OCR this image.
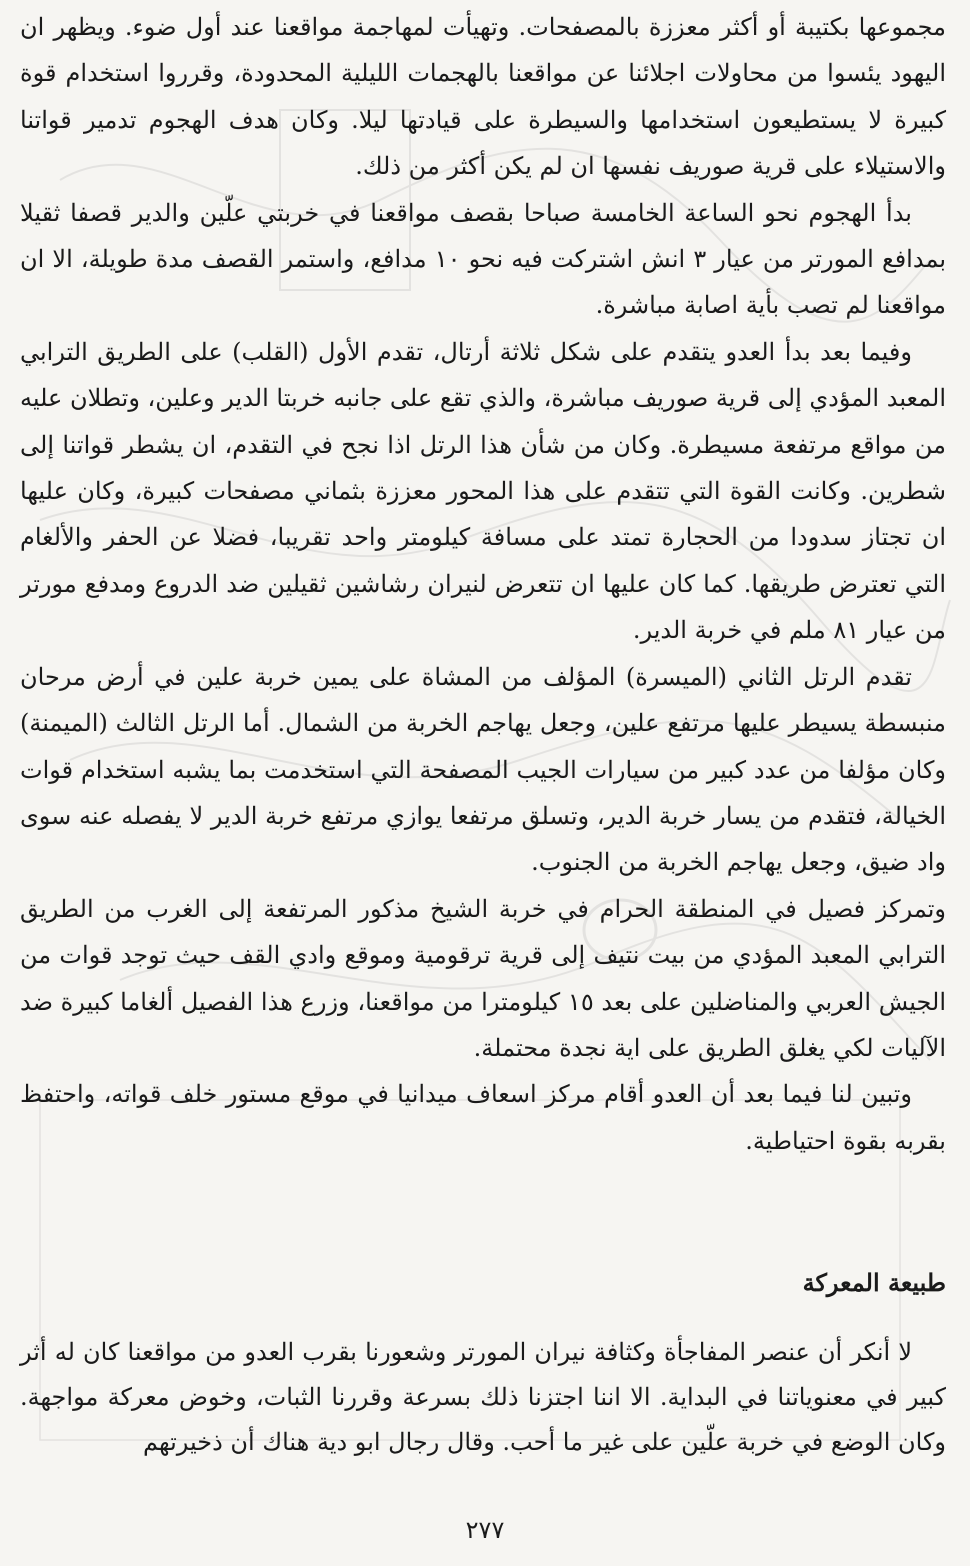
مجموعها بكتيبة أو أكثر معززة بالمصفحات. وتهيأت لمهاجمة مواقعنا عند أول ضوء. ويظهر ان اليهود يئسوا من محاولات اجلائنا عن مواقعنا بالهجمات الليلية المحدودة، وقرروا استخدام قوة كبيرة لا يستطيعون استخدامها والسيطرة على قيادتها ليلا. وكان هدف الهجوم تدمير قواتنا والاستيلاء على قرية صوريف نفسها ان لم يكن أكثر من ذلك.

بدأ الهجوم نحو الساعة الخامسة صباحا بقصف مواقعنا في خربتي علّين والدير قصفا ثقيلا بمدافع المورتر من عيار ٣ انش اشتركت فيه نحو ١٠ مدافع، واستمر القصف مدة طويلة، الا ان مواقعنا لم تصب بأية اصابة مباشرة.

وفيما بعد بدأ العدو يتقدم على شكل ثلاثة أرتال، تقدم الأول (القلب) على الطريق الترابي المعبد المؤدي إلى قرية صوريف مباشرة، والذي تقع على جانبه خربتا الدير وعلين، وتطلان عليه من مواقع مرتفعة مسيطرة. وكان من شأن هذا الرتل اذا نجح في التقدم، ان يشطر قواتنا إلى شطرين. وكانت القوة التي تتقدم على هذا المحور معززة بثماني مصفحات كبيرة، وكان عليها ان تجتاز سدودا من الحجارة تمتد على مسافة كيلومتر واحد تقريبا، فضلا عن الحفر والألغام التي تعترض طريقها. كما كان عليها ان تتعرض لنيران رشاشين ثقيلين ضد الدروع ومدفع مورتر من عيار ٨١ ملم في خربة الدير.

تقدم الرتل الثاني (الميسرة) المؤلف من المشاة على يمين خربة علين في أرض مرحان منبسطة يسيطر عليها مرتفع علين، وجعل يهاجم الخربة من الشمال. أما الرتل الثالث (الميمنة) وكان مؤلفا من عدد كبير من سيارات الجيب المصفحة التي استخدمت بما يشبه استخدام قوات الخيالة، فتقدم من يسار خربة الدير، وتسلق مرتفعا يوازي مرتفع خربة الدير لا يفصله عنه سوى واد ضيق، وجعل يهاجم الخربة من الجنوب.

وتمركز فصيل في المنطقة الحرام في خربة الشيخ مذكور المرتفعة إلى الغرب من الطريق الترابي المعبد المؤدي من بيت نتيف إلى قرية ترقومية وموقع وادي القف حيث توجد قوات من الجيش العربي والمناضلين على بعد ١٥ كيلومترا من مواقعنا، وزرع هذا الفصيل ألغاما كبيرة ضد الآليات لكي يغلق الطريق على اية نجدة محتملة.

وتبين لنا فيما بعد أن العدو أقام مركز اسعاف ميدانيا في موقع مستور خلف قواته، واحتفظ بقربه بقوة احتياطية.

طبيعة المعركة

لا أنكر أن عنصر المفاجأة وكثافة نيران المورتر وشعورنا بقرب العدو من مواقعنا كان له أثر كبير في معنوياتنا في البداية. الا اننا اجتزنا ذلك بسرعة وقررنا الثبات، وخوض معركة مواجهة. وكان الوضع في خربة علّين على غير ما أحب. وقال رجال ابو دية هناك أن ذخيرتهم

٢٧٧
